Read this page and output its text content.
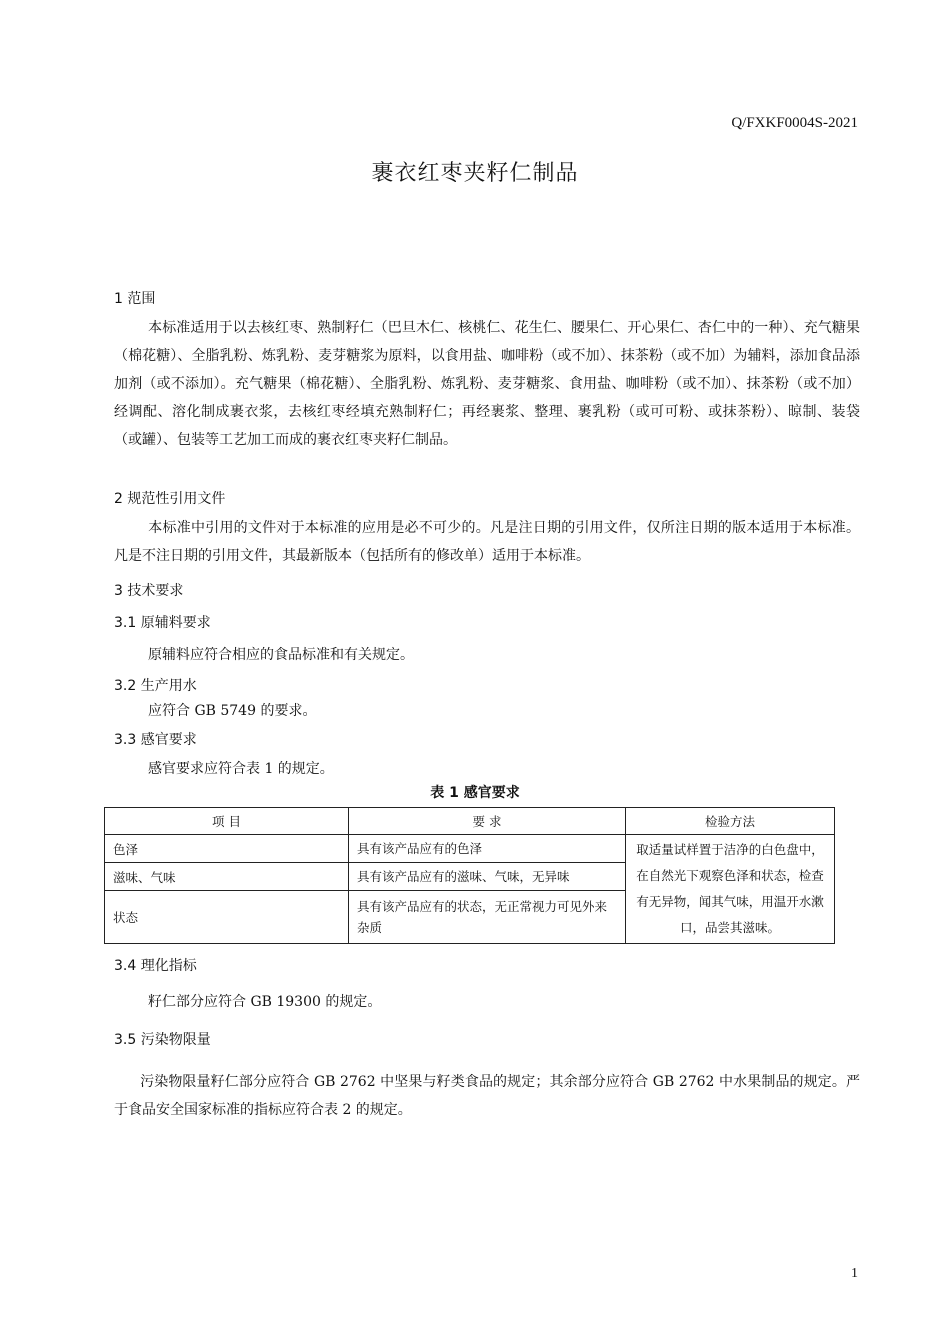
Q/FXKF0004S-2021
裹衣红枣夹籽仁制品
1 范围
本标准适用于以去核红枣、熟制籽仁（巴旦木仁、核桃仁、花生仁、腰果仁、开心果仁、杏仁中的一种）、充气糖果（棉花糖）、全脂乳粉、炼乳粉、麦芽糖浆为原料，以食用盐、咖啡粉（或不加）、抹茶粉（或不加）为辅料，添加食品添加剂（或不添加）。充气糖果（棉花糖）、全脂乳粉、炼乳粉、麦芽糖浆、食用盐、咖啡粉（或不加）、抹茶粉（或不加）经调配、溶化制成裹衣浆，去核红枣经填充熟制籽仁；再经裹浆、整理、裹乳粉（或可可粉、或抹茶粉）、晾制、装袋（或罐）、包装等工艺加工而成的裹衣红枣夹籽仁制品。
2 规范性引用文件
本标准中引用的文件对于本标准的应用是必不可少的。凡是注日期的引用文件，仅所注日期的版本适用于本标准。凡是不注日期的引用文件，其最新版本（包括所有的修改单）适用于本标准。
3 技术要求
3.1 原辅料要求
原辅料应符合相应的食品标准和有关规定。
3.2 生产用水
应符合 GB 5749 的要求。
3.3 感官要求
感官要求应符合表 1 的规定。
表 1 感官要求
项 目	要 求	检验方法
色泽	具有该产品应有的色泽	取适量试样置于洁净的白色盘中，在自然光下观察色泽和状态，检查有无异物，闻其气味，用温开水漱口，品尝其滋味。
滋味、气味	具有该产品应有的滋味、气味，无异味	
状态	具有该产品应有的状态，无正常视力可见外来杂质	
3.4 理化指标
籽仁部分应符合 GB 19300 的规定。
3.5 污染物限量
污染物限量籽仁部分应符合 GB 2762 中坚果与籽类食品的规定；其余部分应符合 GB 2762 中水果制品的规定。严于食品安全国家标准的指标应符合表 2 的规定。
1
